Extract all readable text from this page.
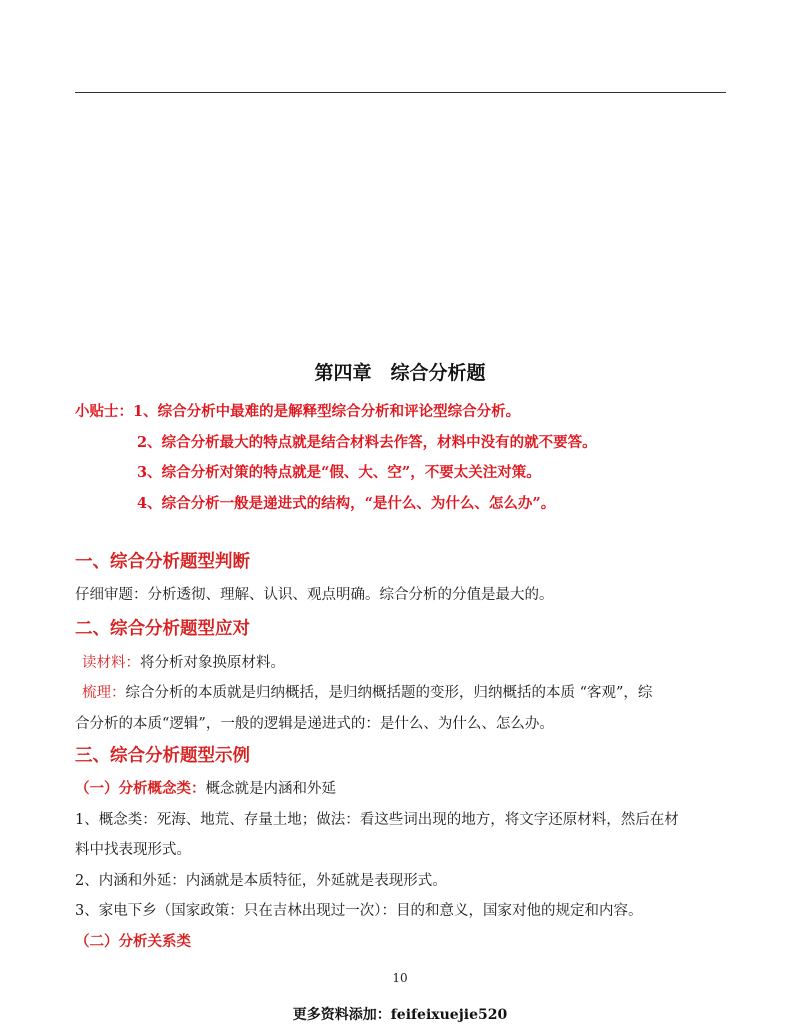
第四章　综合分析题
小贴士：1、综合分析中最难的是解释型综合分析和评论型综合分析。
2、综合分析最大的特点就是结合材料去作答，材料中没有的就不要答。
3、综合分析对策的特点就是“假、大、空”，不要太关注对策。
4、综合分析一般是递进式的结构，“是什么、为什么、怎么办”。
一、综合分析题型判断
仔细审题：分析透彻、理解、认识、观点明确。综合分析的分值是最大的。
二、综合分析题型应对
读材料：将分析对象换原材料。
梳理：综合分析的本质就是归纳概括，是归纳概括题的变形，归纳概括的本质 “客观”，综
合分析的本质“逻辑”，一般的逻辑是递进式的：是什么、为什么、怎么办。
三、综合分析题型示例
（一）分析概念类：概念就是内涵和外延
1、概念类：死海、地荒、存量土地；做法：看这些词出现的地方，将文字还原材料，然后在材
料中找表现形式。
2、内涵和外延：内涵就是本质特征，外延就是表现形式。
3、家电下乡（国家政策：只在吉林出现过一次）：目的和意义，国家对他的规定和内容。
（二）分析关系类
10
更多资料添加：feifeixuejie520
